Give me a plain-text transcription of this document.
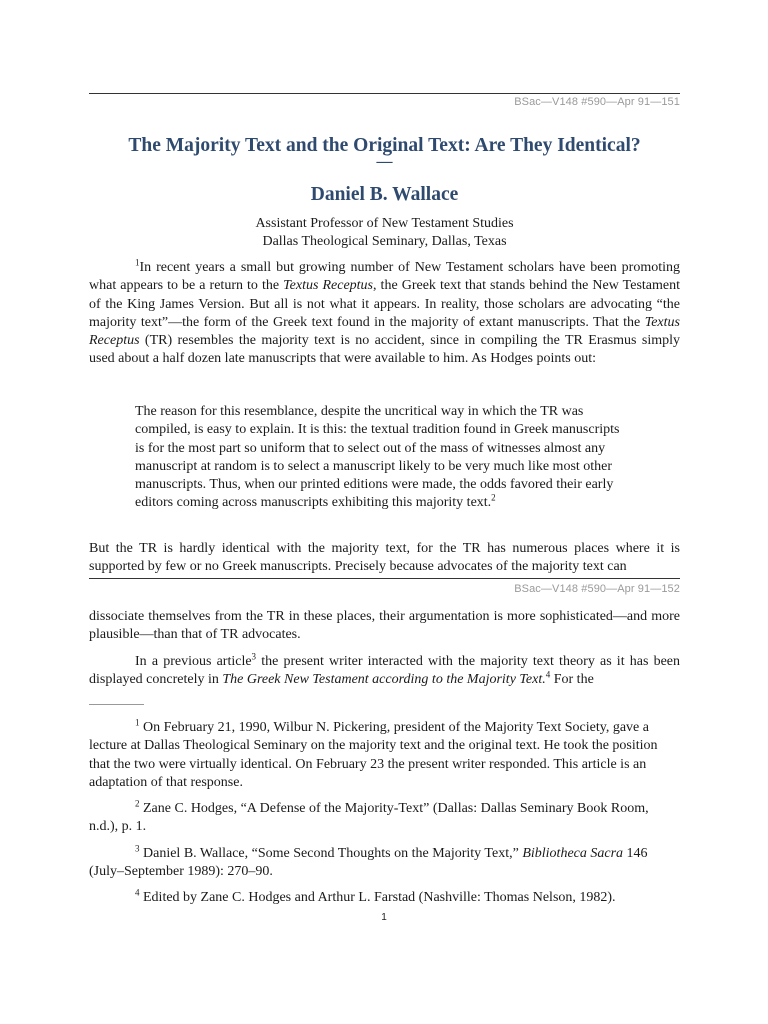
BSac—V148 #590—Apr 91—151
The Majority Text and the Original Text: Are They Identical?
—
Daniel B. Wallace
Assistant Professor of New Testament Studies
Dallas Theological Seminary, Dallas, Texas

$^1$In recent years a small but growing number of New Testament scholars have been promoting what appears to be a return to the Textus Receptus, the Greek text that stands behind the New Testament of the King James Version. But all is not what it appears. In reality, those scholars are advocating “the majority text”—the form of the Greek text found in the majority of extant manuscripts. That the Textus Receptus (TR) resembles the majority text is no accident, since in compiling the TR Erasmus simply used about a half dozen late manuscripts that were available to him. As Hodges points out:

The reason for this resemblance, despite the uncritical way in which the TR was compiled, is easy to explain. It is this: the textual tradition found in Greek manuscripts is for the most part so uniform that to select out of the mass of witnesses almost any manuscript at random is to select a manuscript likely to be very much like most other manuscripts. Thus, when our printed editions were made, the odds favored their early editors coming across manuscripts exhibiting this majority text.$^2$

But the TR is hardly identical with the majority text, for the TR has numerous places where it is supported by few or no Greek manuscripts. Precisely because advocates of the majority text can

BSac—V148 #590—Apr 91—152

dissociate themselves from the TR in these places, their argumentation is more sophisticated—and more plausible—than that of TR advocates.

In a previous article$^3$ the present writer interacted with the majority text theory as it has been displayed concretely in The Greek New Testament according to the Majority Text.$^4$ For the

$^1$ On February 21, 1990, Wilbur N. Pickering, president of the Majority Text Society, gave a lecture at Dallas Theological Seminary on the majority text and the original text. He took the position that the two were virtually identical. On February 23 the present writer responded. This article is an adaptation of that response.

$^2$ Zane C. Hodges, “A Defense of the Majority-Text” (Dallas: Dallas Seminary Book Room, n.d.), p. 1.

$^3$ Daniel B. Wallace, “Some Second Thoughts on the Majority Text,” Bibliotheca Sacra 146 (July–September 1989): 270–90.

$^4$ Edited by Zane C. Hodges and Arthur L. Farstad (Nashville: Thomas Nelson, 1982).

1
